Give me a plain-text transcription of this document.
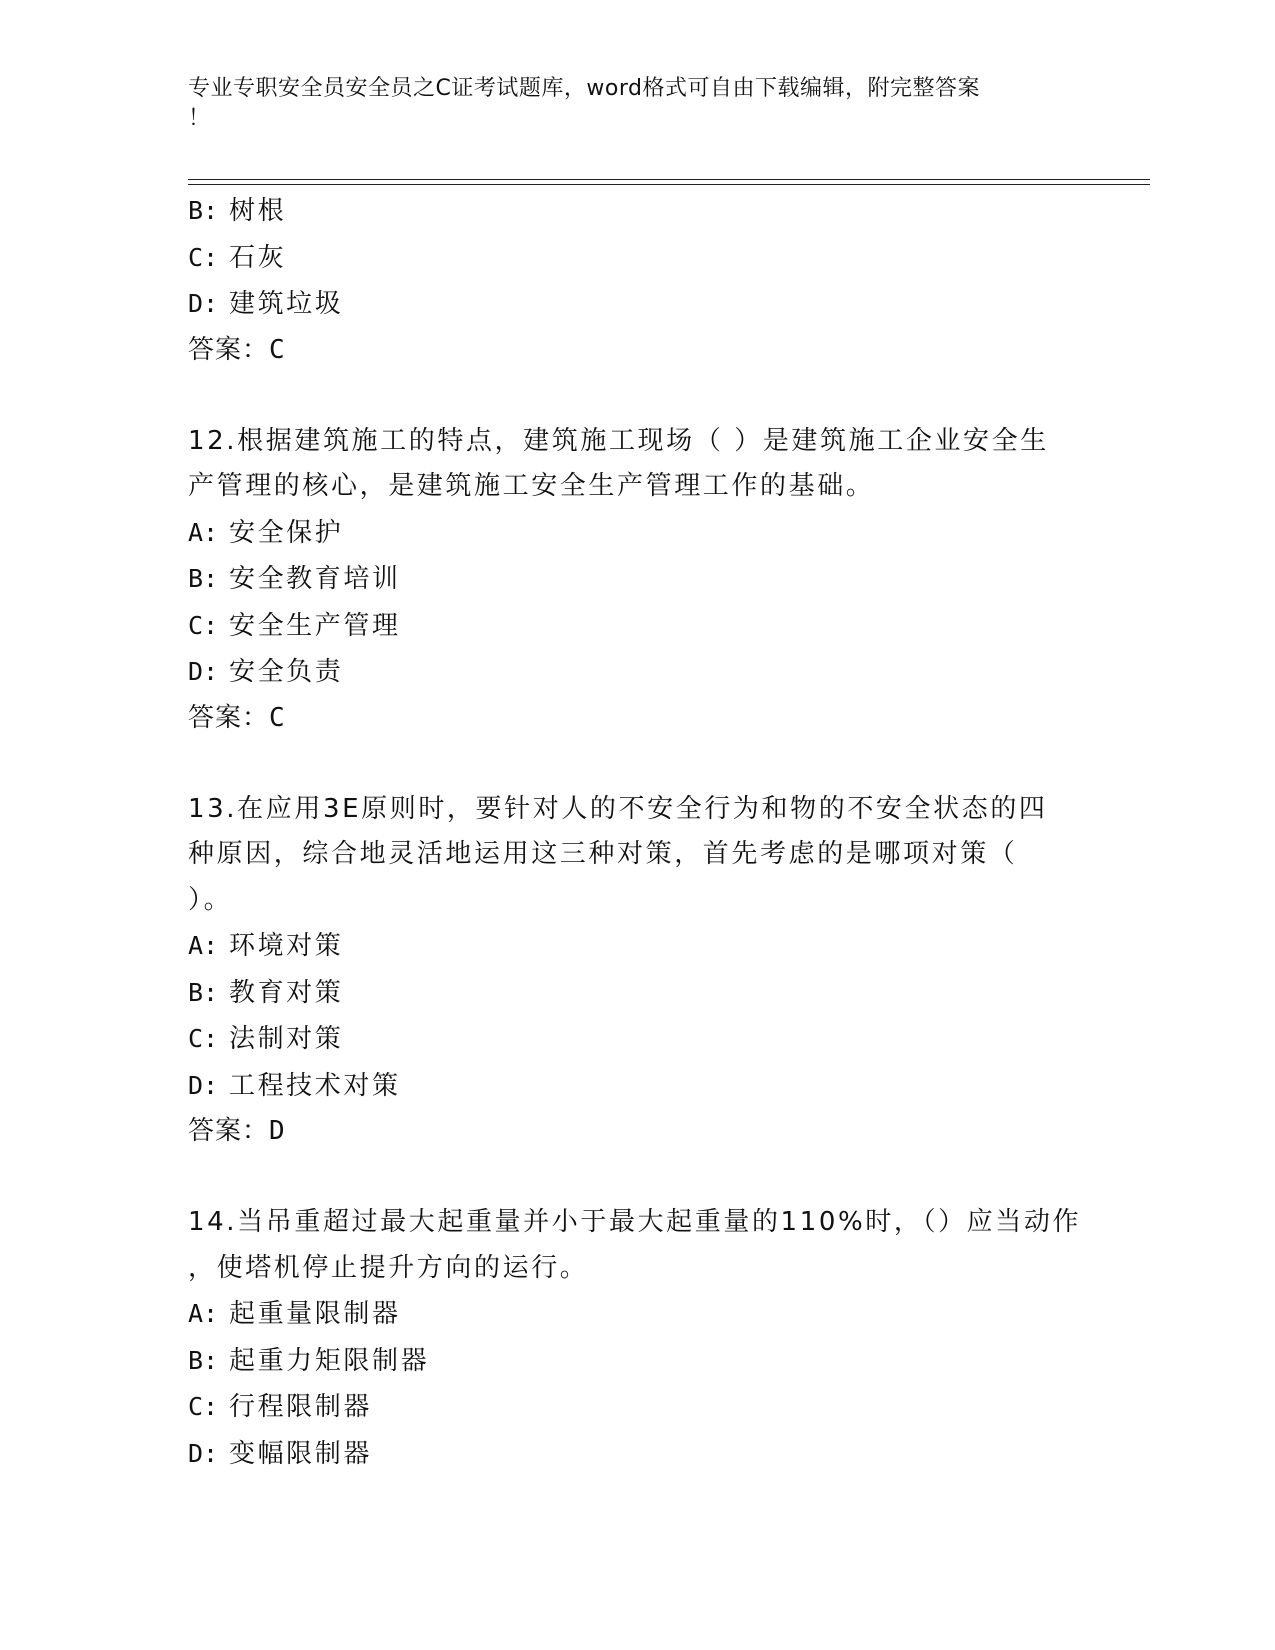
专业专职安全员安全员之C证考试题库，word格式可自由下载编辑，附完整答案
！
B: 树根
C: 石灰
D: 建筑垃圾
答案：C
12.根据建筑施工的特点，建筑施工现场（ ）是建筑施工企业安全生
产管理的核心，是建筑施工安全生产管理工作的基础。
A: 安全保护
B: 安全教育培训
C: 安全生产管理
D: 安全负责
答案：C
13.在应用3E原则时，要针对人的不安全行为和物的不安全状态的四
种原因，综合地灵活地运用这三种对策，首先考虑的是哪项对策（
）。
A: 环境对策
B: 教育对策
C: 法制对策
D: 工程技术对策
答案：D
14.当吊重超过最大起重量并小于最大起重量的110%时，（）应当动作
，使塔机停止提升方向的运行。
A: 起重量限制器
B: 起重力矩限制器
C: 行程限制器
D: 变幅限制器
